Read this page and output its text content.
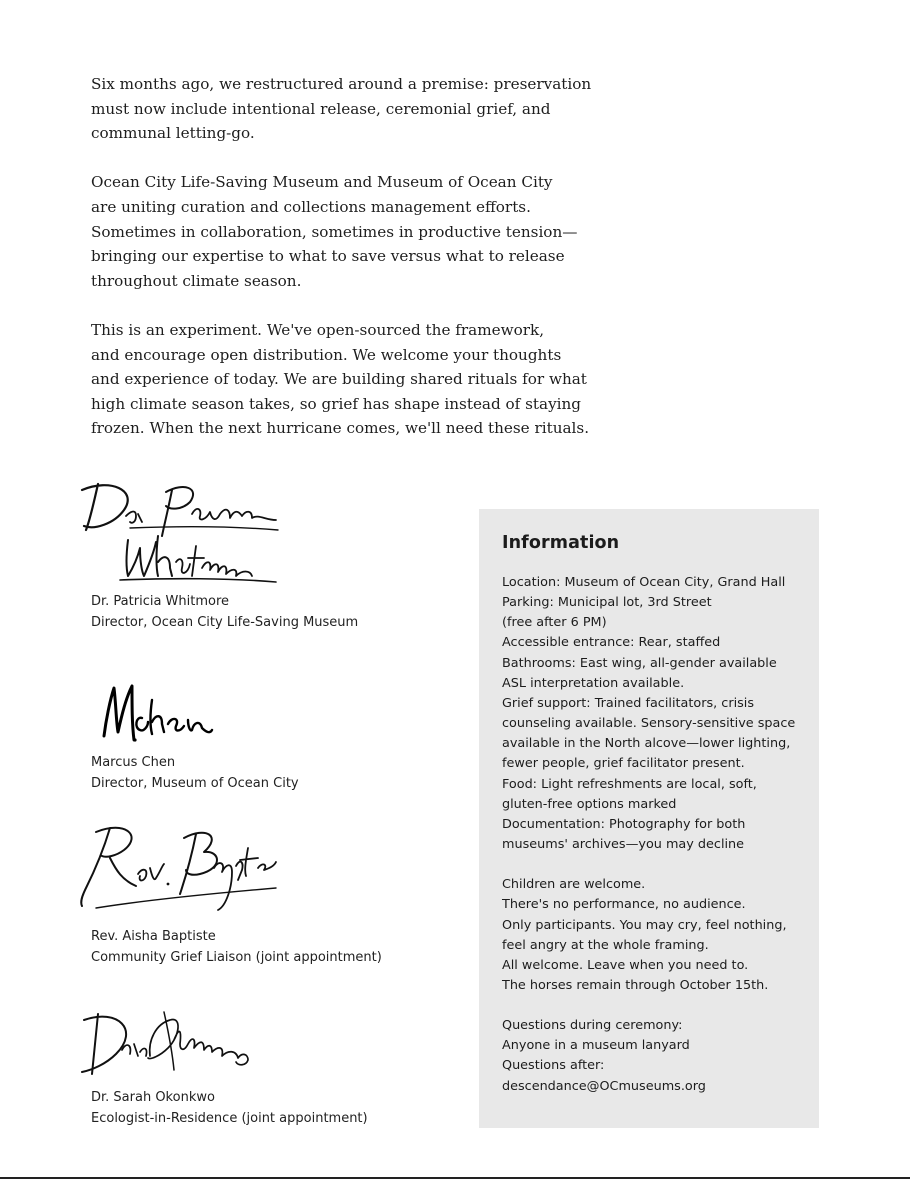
Six months ago, we restructured around a premise: preservation
must now include intentional release, ceremonial grief, and
communal letting-go.

Ocean City Life-Saving Museum and Museum of Ocean City
are uniting curation and collections management efforts.
Sometimes in collaboration, sometimes in productive tension—
bringing our expertise to what to save versus what to release
throughout climate season.

This is an experiment. We've open-sourced the framework,
and encourage open distribution. We welcome your thoughts
and experience of today. We are building shared rituals for what
high climate season takes, so grief has shape instead of staying
frozen. When the next hurricane comes, we'll need these rituals.

Dr. Patricia Whitmore
Director, Ocean City Life-Saving Museum
Marcus Chen
Director, Museum of Ocean City
Rev. Aisha Baptiste
Community Grief Liaison (joint appointment)
Dr. Sarah Okonkwo
Ecologist-in-Residence (joint appointment)
Information
Location: Museum of Ocean City, Grand Hall
Parking: Municipal lot, 3rd Street
(free after 6 PM)
Accessible entrance: Rear, staffed
Bathrooms: East wing, all-gender available
ASL interpretation available.
Grief support: Trained facilitators, crisis
counseling available. Sensory-sensitive space
available in the North alcove—lower lighting,
fewer people, grief facilitator present.
Food: Light refreshments are local, soft,
gluten-free options marked
Documentation: Photography for both
museums' archives—you may decline
Children are welcome.
There's no performance, no audience.
Only participants. You may cry, feel nothing,
feel angry at the whole framing.
All welcome. Leave when you need to.
The horses remain through October 15th.
Questions during ceremony:
Anyone in a museum lanyard
Questions after:
descendance@OCmuseums.org
